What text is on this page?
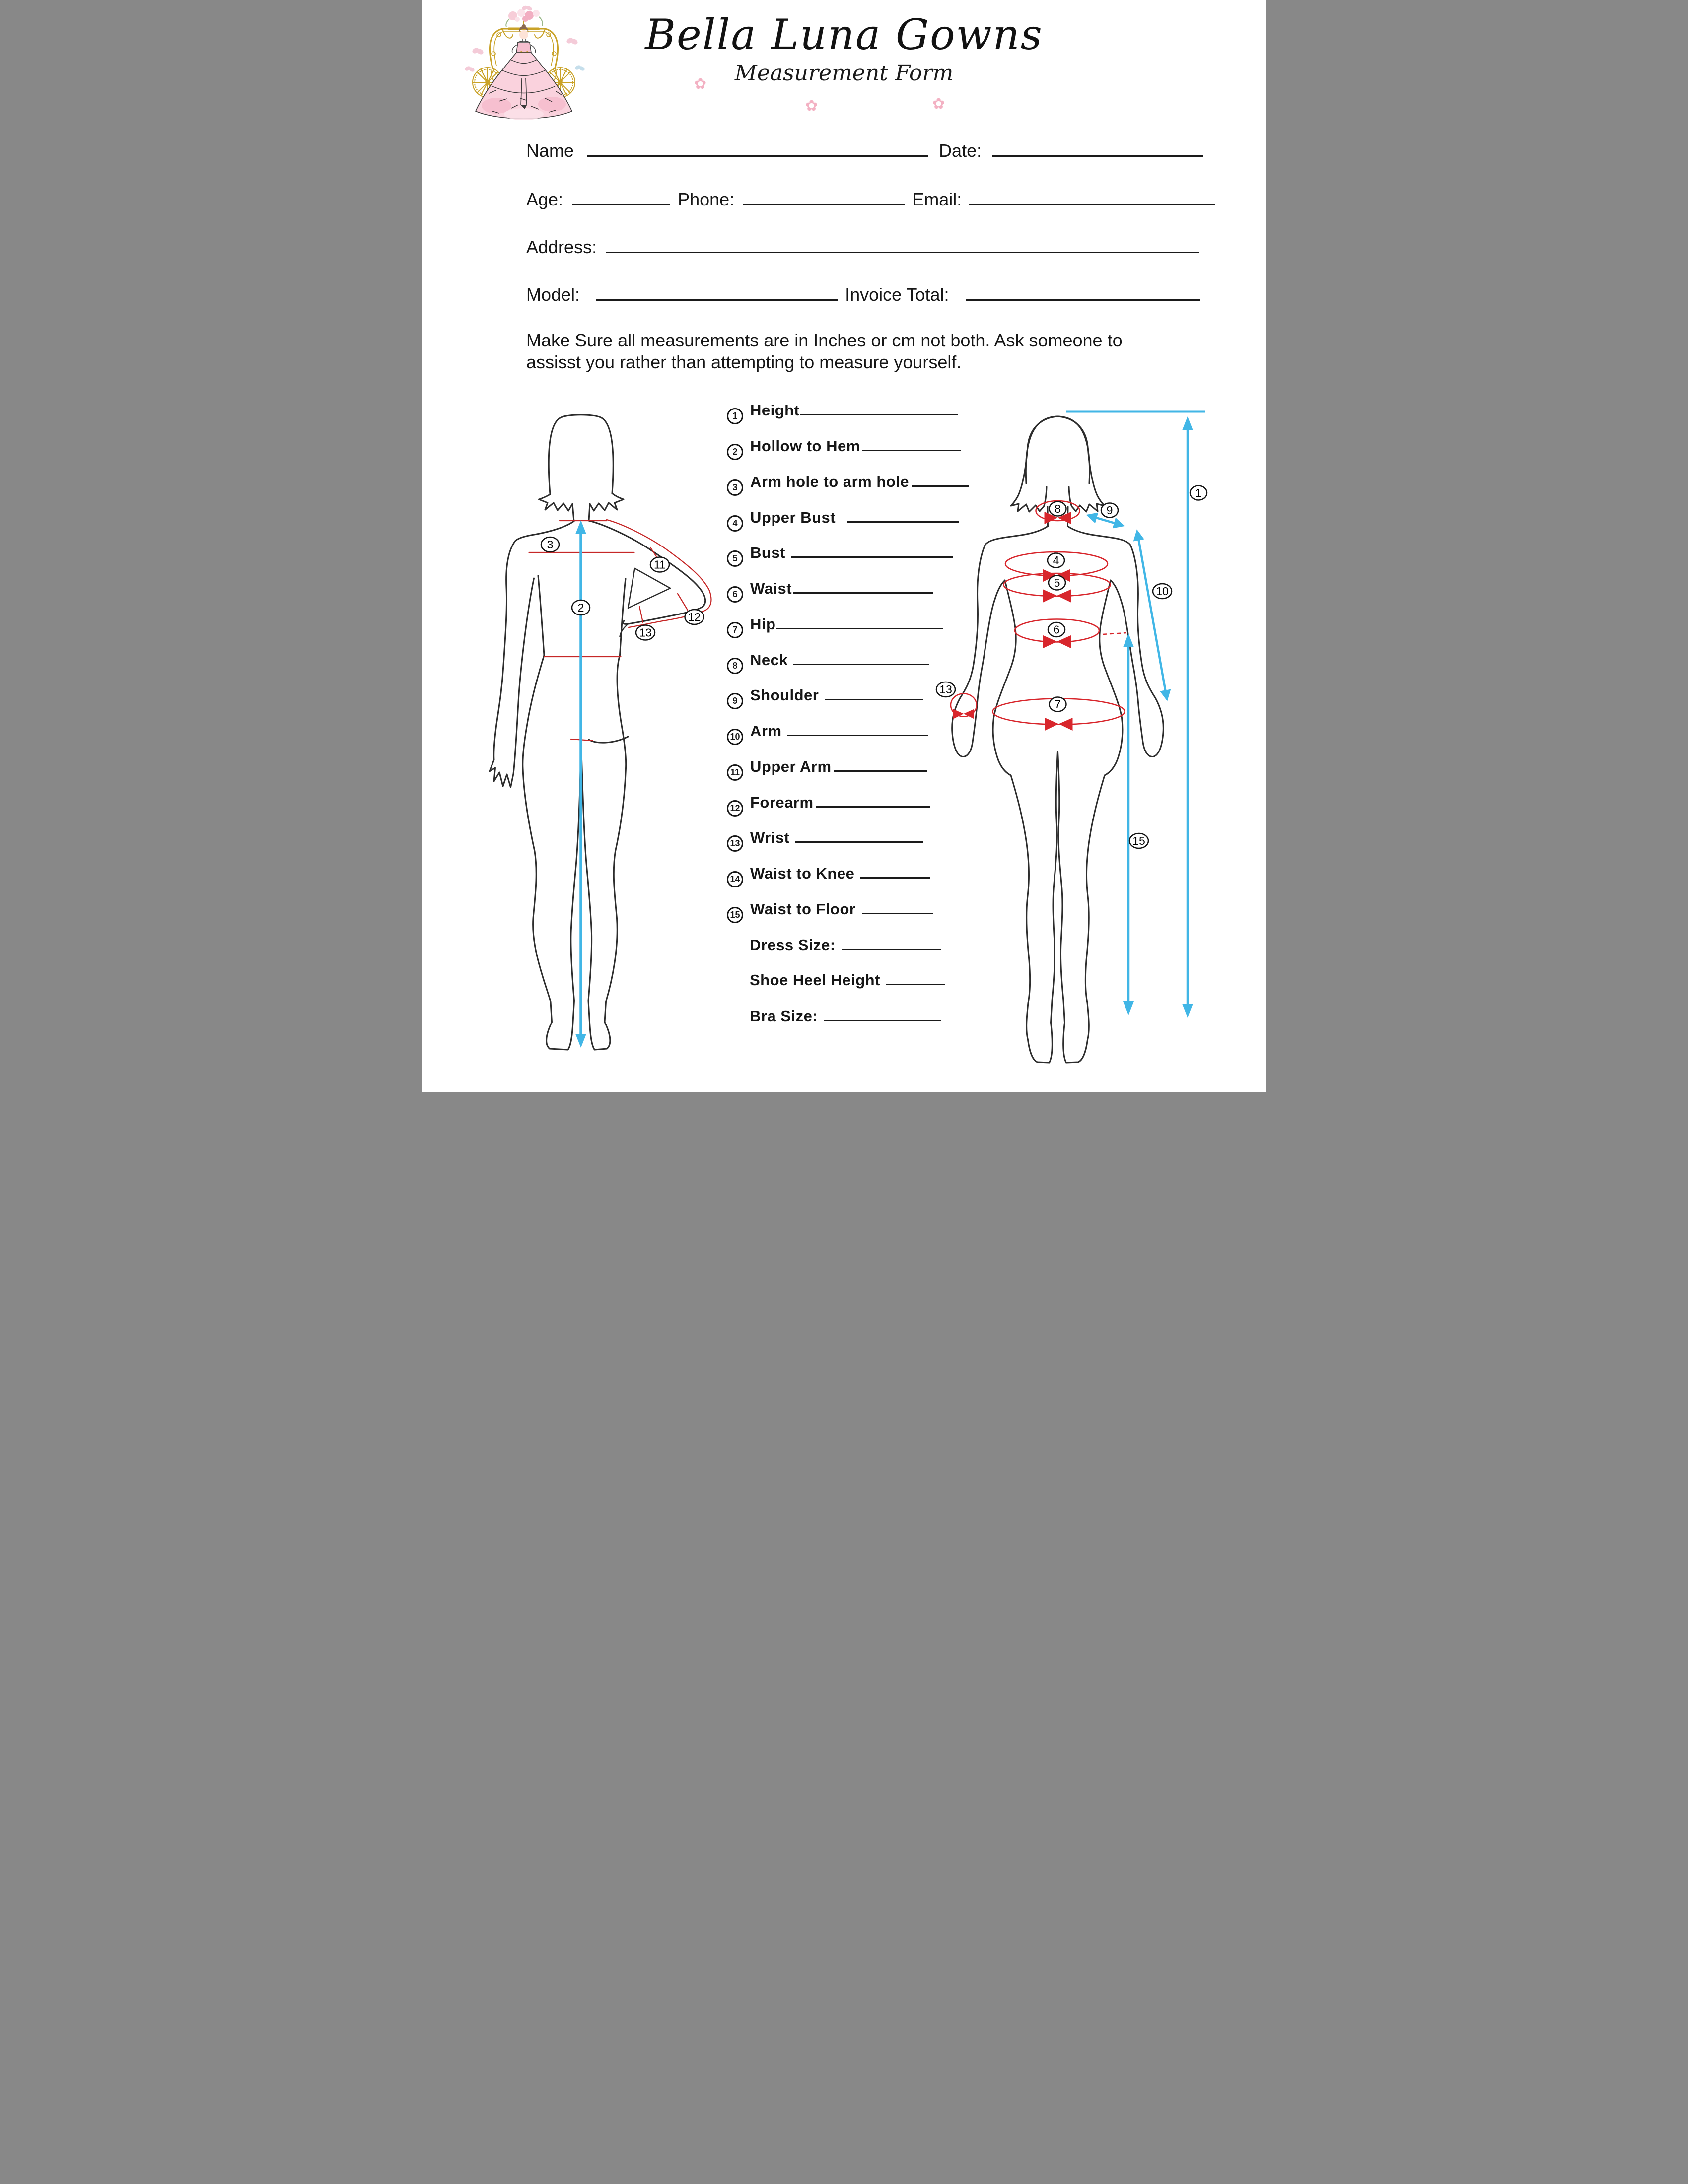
Bella Luna Gowns
Measurement Form
✿
✿	✿
Name	Date:
Age:	Phone:	Email:
Address:
Model:	Invoice Total:
Make Sure all measurements are in Inches or cm not both. Ask someone to
assisst you rather than attempting to measure yourself.
1 Height
2 Hollow to Hem
3 Arm hole to arm hole
4 Upper Bust
5 Bust
6 Waist
7 Hip
8 Neck
9 Shoulder
10 Arm
11 Upper Arm
12 Forearm
13 Wrist
14 Waist to Knee
15 Waist to Floor
Dress Size:
Shoe Heel Height
Bra Size:
3
11
2
12
13
8 9
4
5
6
7
13
10
1
15
